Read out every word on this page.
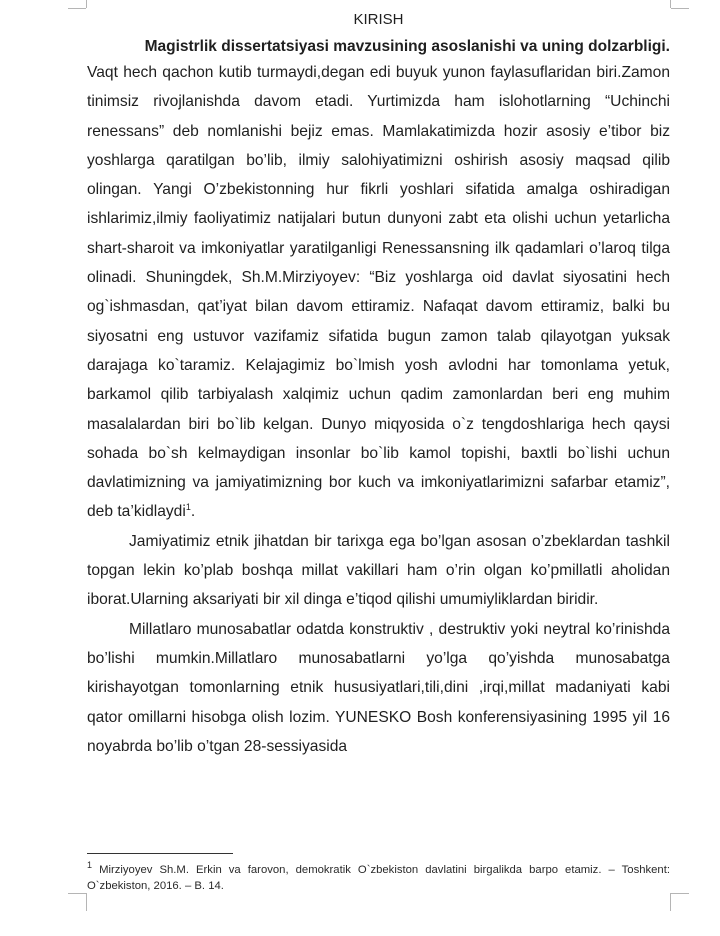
KIRISH
Magistrlik dissertatsiyasi mavzusining asoslanishi va uning dolzarbligi.

Vaqt hech qachon kutib turmaydi,degan edi buyuk yunon faylasuflaridan biri.Zamon tinimsiz rivojlanishda davom etadi. Yurtimizda ham islohotlarning “Uchinchi renessans” deb nomlanishi bejiz emas. Mamlakatimizda hozir asosiy e’tibor biz yoshlarga qaratilgan bo’lib, ilmiy salohiyatimizni oshirish asosiy maqsad qilib olingan. Yangi O’zbekistonning hur fikrli yoshlari sifatida amalga oshiradigan ishlarimiz,ilmiy faoliyatimiz natijalari butun dunyoni zabt eta olishi uchun yetarlicha shart-sharoit va imkoniyatlar yaratilganligi Renessansning ilk qadamlari o’laroq tilga olinadi. Shuningdek, Sh.M.Mirziyoyev: “Biz yoshlarga oid davlat siyosatini hech og`ishmasdan, qat’iyat bilan davom ettiramiz. Nafaqat davom ettiramiz, balki bu siyosatni eng ustuvor vazifamiz sifatida bugun zamon talab qilayotgan yuksak darajaga ko`taramiz. Kelajagimiz bo`lmish yosh avlodni har tomonlama yetuk, barkamol qilib tarbiyalash xalqimiz uchun qadim zamonlardan beri eng muhim masalalardan biri bo`lib kelgan. Dunyo miqyosida o`z tengdoshlariga hech qaysi sohada bo`sh kelmaydigan insonlar bo`lib kamol topishi, baxtli bo`lishi uchun davlatimizning va jamiyatimizning bor kuch va imkoniyatlarimizni safarbar etamiz”, deb ta’kidlaydi$^1$.

Jamiyatimiz etnik jihatdan bir tarixga ega bo’lgan asosan o’zbeklardan tashkil topgan lekin ko’plab boshqa millat vakillari ham o’rin olgan ko’pmillatli aholidan iborat.Ularning aksariyati bir xil dinga e’tiqod qilishi umumiyliklardan biridir.

Millatlaro munosabatlar odatda konstruktiv , destruktiv yoki neytral ko’rinishda bo’lishi mumkin.Millatlaro munosabatlarni yo’lga qo’yishda munosabatga kirishayotgan tomonlarning etnik hususiyatlari,tili,dini ,irqi,millat madaniyati kabi qator omillarni hisobga olish lozim. YUNESKO Bosh konferensiyasining 1995 yil 16 noyabrda bo’lib o’tgan 28-sessiyasida

$^1$ Mirziyoyev Sh.M. Erkin va farovon, demokratik O`zbekiston davlatini birgalikda barpo etamiz. – Toshkent: O`zbekiston, 2016. – B. 14.
